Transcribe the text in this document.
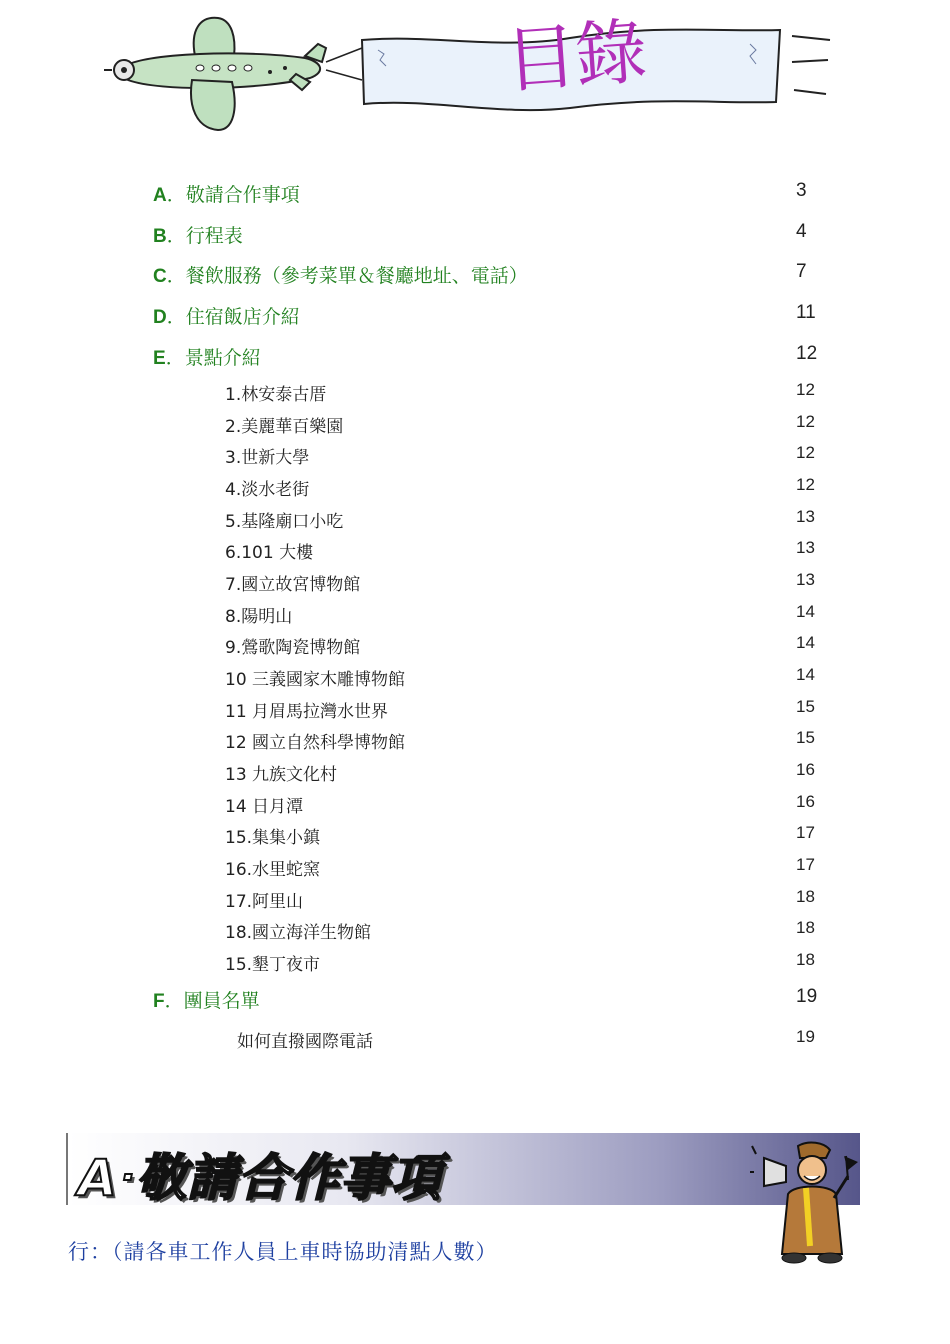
目錄
A．敬請合作事項	3
B．行程表	4
C．餐飲服務（參考菜單＆餐廳地址、電話）	7
D．住宿飯店介紹	11
E．景點介紹	12
1.林安泰古厝	12
2.美麗華百樂園	12
3.世新大學	12
4.淡水老街	12
5.基隆廟口小吃	13
6.101 大樓	13
7.國立故宮博物館	13
8.陽明山	14
9.鶯歌陶瓷博物館	14
10 三義國家木雕博物館	14
11 月眉馬拉灣水世界	15
12 國立自然科學博物館	15
13 九族文化村	16
14 日月潭	16
15.集集小鎮	17
16.水里蛇窯	17
17.阿里山	18
18.國立海洋生物館	18
15.墾丁夜市	18
F．團員名單	19
如何直撥國際電話	19
A‧敬請合作事項
行：（請各車工作人員上車時協助清點人數）
